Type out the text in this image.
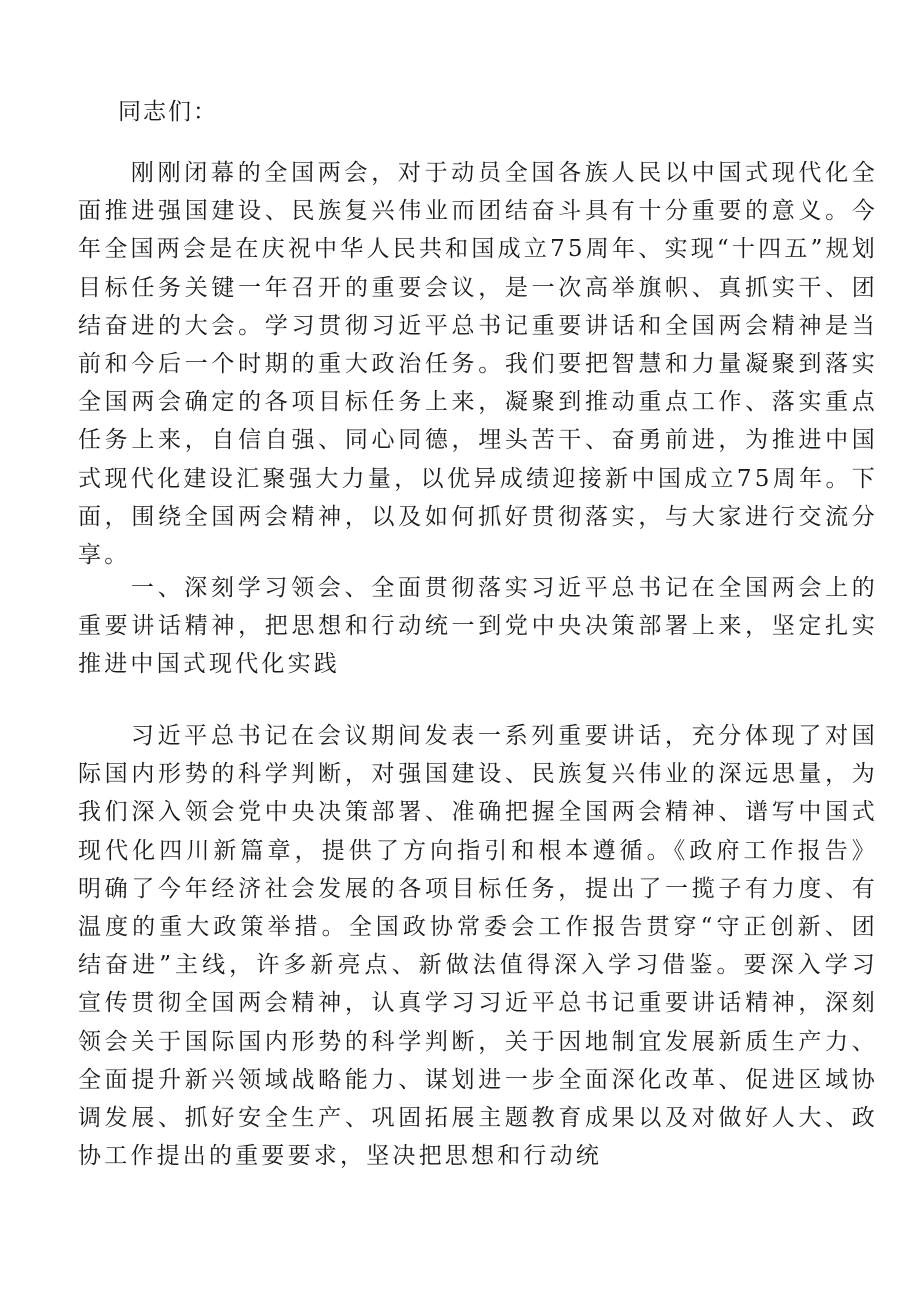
同志们：

刚刚闭幕的全国两会，对于动员全国各族人民以中国式现代化全面推进强国建设、民族复兴伟业而团结奋斗具有十分重要的意义。今年全国两会是在庆祝中华人民共和国成立75周年、实现“十四五”规划目标任务关键一年召开的重要会议，是一次高举旗帜、真抓实干、团结奋进的大会。学习贯彻习近平总书记重要讲话和全国两会精神是当前和今后一个时期的重大政治任务。我们要把智慧和力量凝聚到落实全国两会确定的各项目标任务上来，凝聚到推动重点工作、落实重点任务上来，自信自强、同心同德，埋头苦干、奋勇前进，为推进中国式现代化建设汇聚强大力量，以优异成绩迎接新中国成立75周年。下面，围绕全国两会精神，以及如何抓好贯彻落实，与大家进行交流分享。

一、深刻学习领会、全面贯彻落实习近平总书记在全国两会上的重要讲话精神，把思想和行动统一到党中央决策部署上来，坚定扎实推进中国式现代化实践

习近平总书记在会议期间发表一系列重要讲话，充分体现了对国际国内形势的科学判断，对强国建设、民族复兴伟业的深远思量，为我们深入领会党中央决策部署、准确把握全国两会精神、谱写中国式现代化四川新篇章，提供了方向指引和根本遵循。《政府工作报告》明确了今年经济社会发展的各项目标任务，提出了一揽子有力度、有温度的重大政策举措。全国政协常委会工作报告贯穿“守正创新、团结奋进”主线，许多新亮点、新做法值得深入学习借鉴。要深入学习宣传贯彻全国两会精神，认真学习习近平总书记重要讲话精神，深刻领会关于国际国内形势的科学判断，关于因地制宜发展新质生产力、全面提升新兴领域战略能力、谋划进一步全面深化改革、促进区域协调发展、抓好安全生产、巩固拓展主题教育成果以及对做好人大、政协工作提出的重要要求，坚决把思想和行动统
